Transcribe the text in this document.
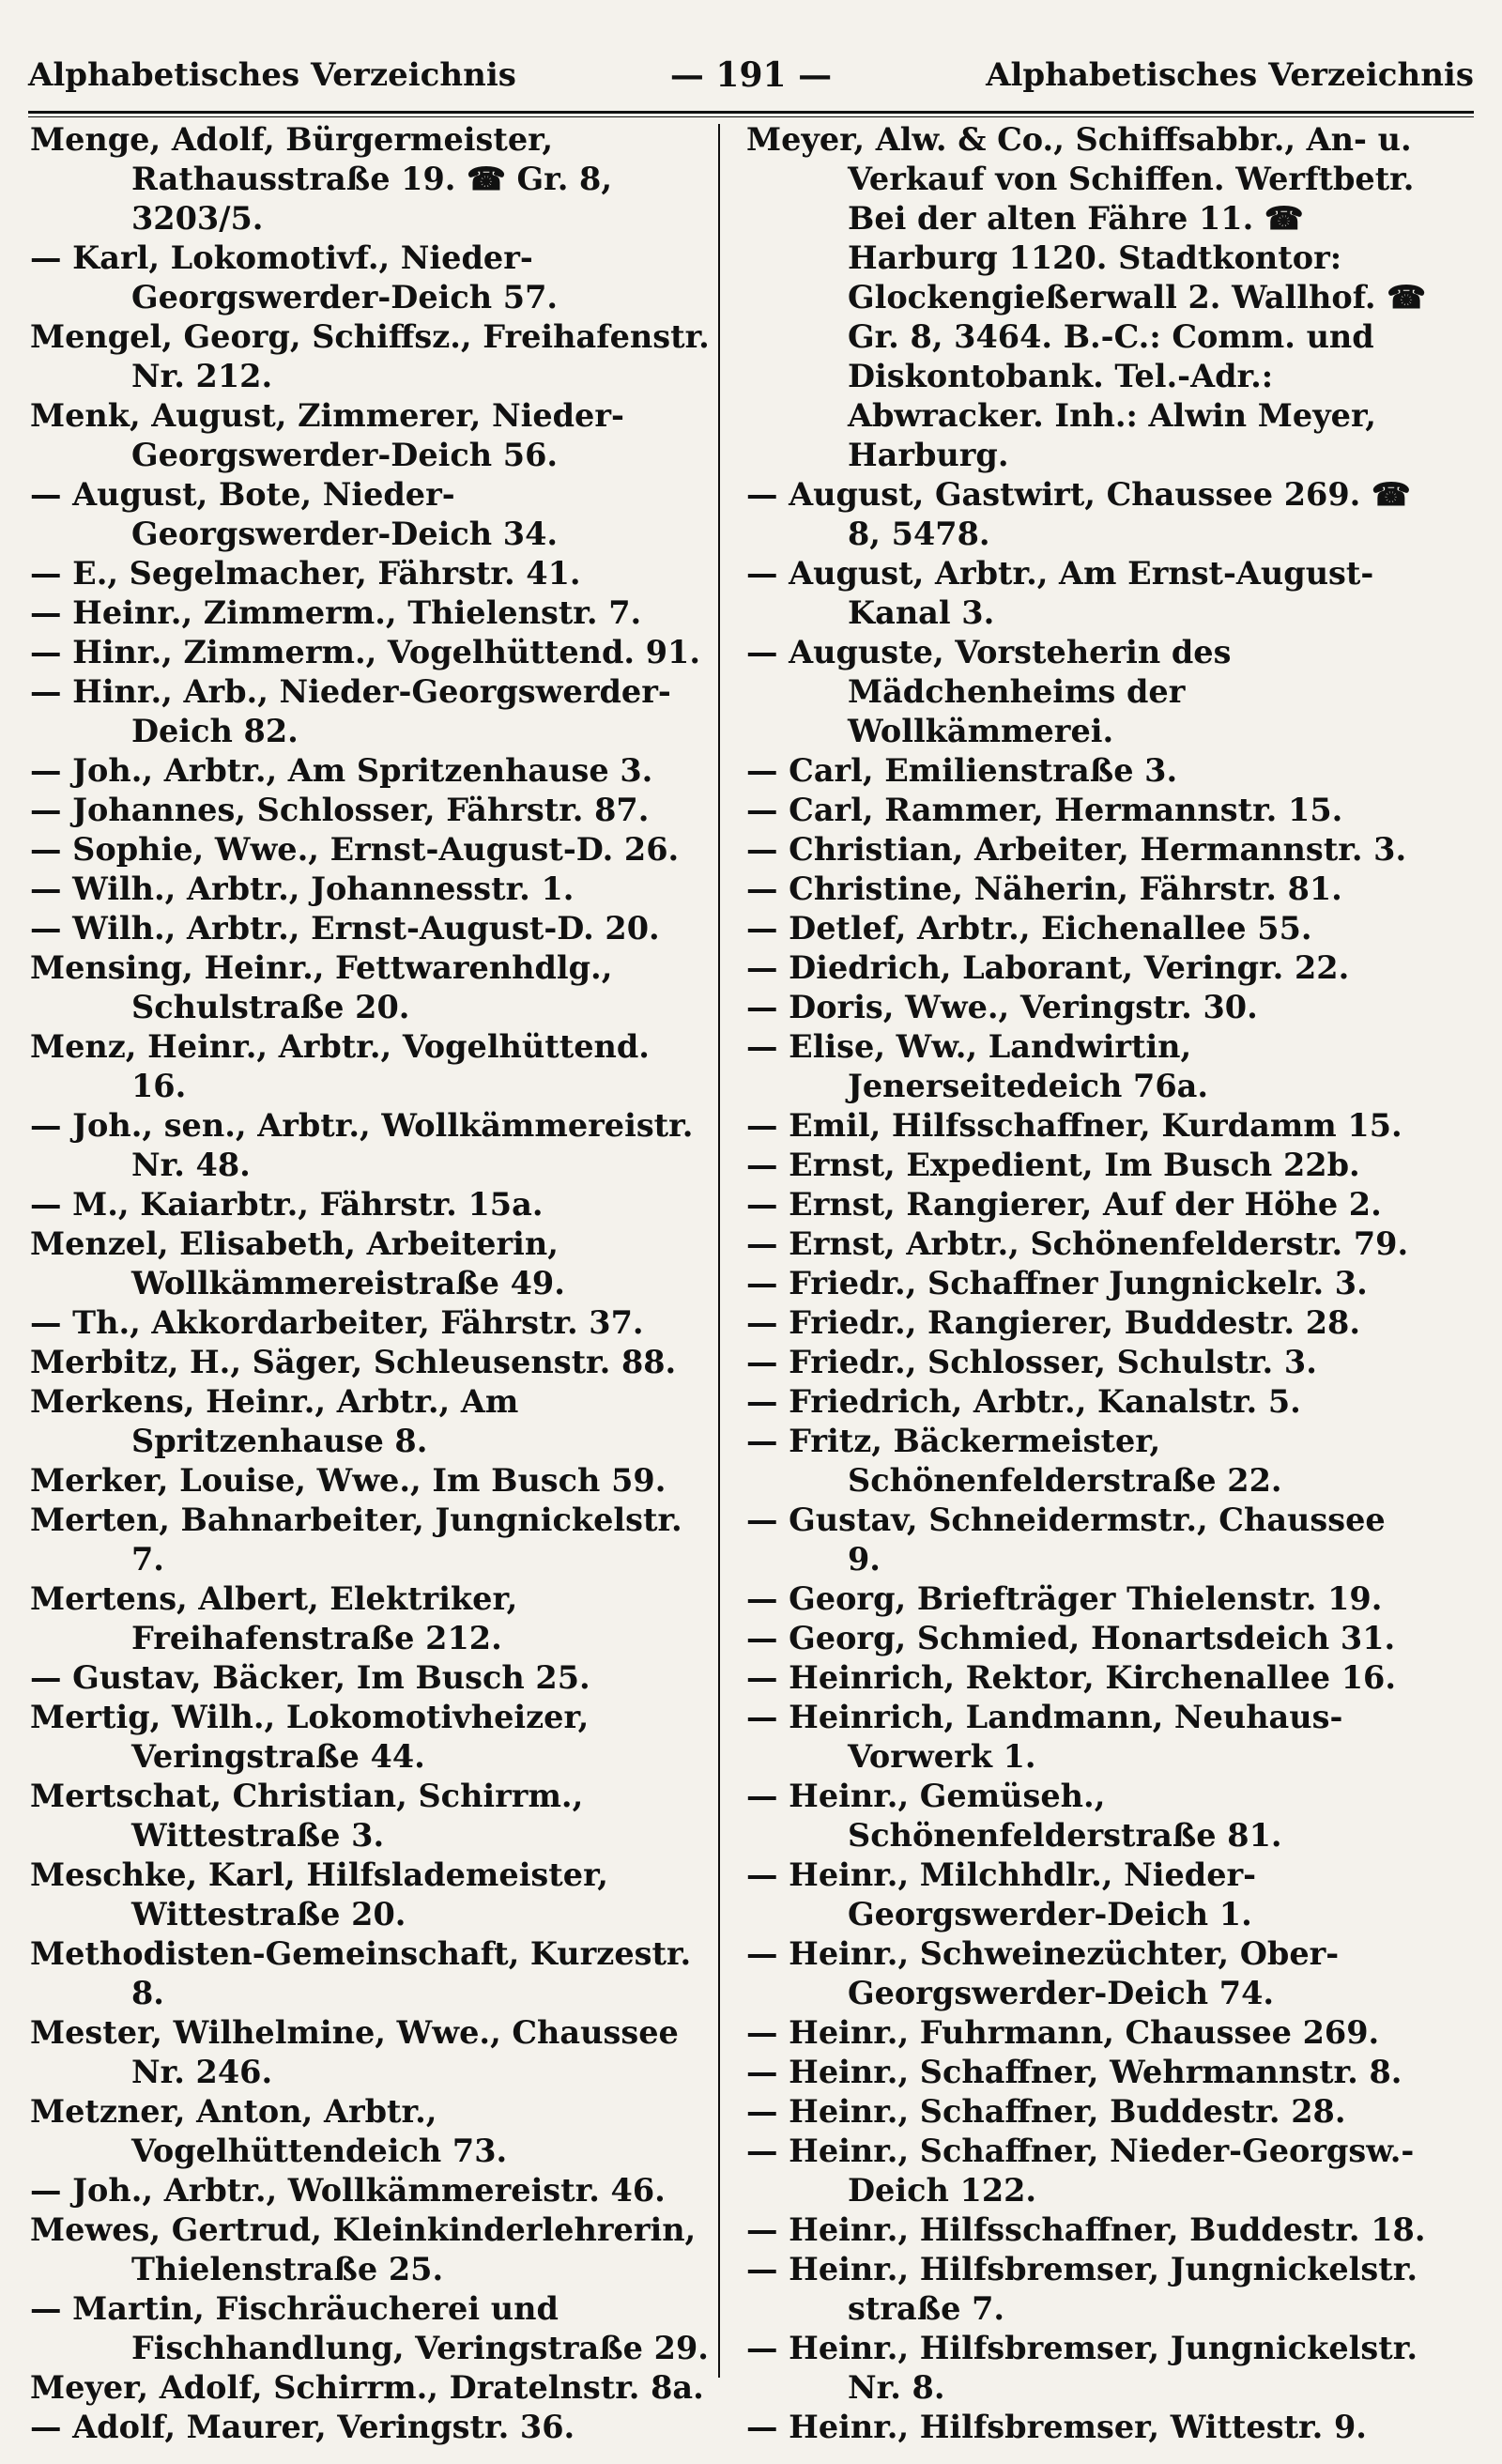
Alphabetisches Verzeichnis	— 191 —	Alphabetisches Verzeichnis

Menge, Adolf, Bürgermeister, Rathausstraße 19. ☎ Gr. 8, 3203/5.

— Karl, Lokomotivf., Nieder-Georgswerder-Deich 57.

Mengel, Georg, Schiffsz., Freihafenstr. Nr. 212.

Menk, August, Zimmerer, Nieder-Georgswerder-Deich 56.

— August, Bote, Nieder-Georgswerder-Deich 34.

— E., Segelmacher, Fährstr. 41.

— Heinr., Zimmerm., Thielenstr. 7.

— Hinr., Zimmerm., Vogelhüttend. 91.

— Hinr., Arb., Nieder-Georgswerder-Deich 82.

— Joh., Arbtr., Am Spritzenhause 3.

— Johannes, Schlosser, Fährstr. 87.

— Sophie, Wwe., Ernst-August-D. 26.

— Wilh., Arbtr., Johannesstr. 1.

— Wilh., Arbtr., Ernst-August-D. 20.

Mensing, Heinr., Fettwarenhdlg., Schulstraße 20.

Menz, Heinr., Arbtr., Vogelhüttend. 16.

— Joh., sen., Arbtr., Wollkämmereistr. Nr. 48.

— M., Kaiarbtr., Fährstr. 15a.

Menzel, Elisabeth, Arbeiterin, Wollkämmereistraße 49.

— Th., Akkordarbeiter, Fährstr. 37.

Merbitz, H., Säger, Schleusenstr. 88.

Merkens, Heinr., Arbtr., Am Spritzenhause 8.

Merker, Louise, Wwe., Im Busch 59.

Merten, Bahnarbeiter, Jungnickelstr. 7.

Mertens, Albert, Elektriker, Freihafenstraße 212.

— Gustav, Bäcker, Im Busch 25.

Mertig, Wilh., Lokomotivheizer, Veringstraße 44.

Mertschat, Christian, Schirrm., Wittestraße 3.

Meschke, Karl, Hilfslademeister, Wittestraße 20.

Methodisten-Gemeinschaft, Kurzestr. 8.

Mester, Wilhelmine, Wwe., Chaussee Nr. 246.

Metzner, Anton, Arbtr., Vogelhüttendeich 73.

— Joh., Arbtr., Wollkämmereistr. 46.

Mewes, Gertrud, Kleinkinderlehrerin, Thielenstraße 25.

— Martin, Fischräucherei und Fischhandlung, Veringstraße 29.

Meyer, Adolf, Schirrm., Dratelnstr. 8a.

— Adolf, Maurer, Veringstr. 36.

Meyer, Alw. & Co., Schiffsabbr., An- u. Verkauf von Schiffen. Werftbetr. Bei der alten Fähre 11. ☎ Harburg 1120. Stadtkontor: Glockengießerwall 2. Wallhof. ☎ Gr. 8, 3464. B.-C.: Comm. und Diskontobank. Tel.-Adr.: Abwracker. Inh.: Alwin Meyer, Harburg.

— August, Gastwirt, Chaussee 269. ☎ 8, 5478.

— August, Arbtr., Am Ernst-August-Kanal 3.

— Auguste, Vorsteherin des Mädchenheims der Wollkämmerei.

— Carl, Emilienstraße 3.

— Carl, Rammer, Hermannstr. 15.

— Christian, Arbeiter, Hermannstr. 3.

— Christine, Näherin, Fährstr. 81.

— Detlef, Arbtr., Eichenallee 55.

— Diedrich, Laborant, Veringr. 22.

— Doris, Wwe., Veringstr. 30.

— Elise, Ww., Landwirtin, Jenerseitedeich 76a.

— Emil, Hilfsschaffner, Kurdamm 15.

— Ernst, Expedient, Im Busch 22b.

— Ernst, Rangierer, Auf der Höhe 2.

— Ernst, Arbtr., Schönenfelderstr. 79.

— Friedr., Schaffner Jungnickelr. 3.

— Friedr., Rangierer, Buddestr. 28.

— Friedr., Schlosser, Schulstr. 3.

— Friedrich, Arbtr., Kanalstr. 5.

— Fritz, Bäckermeister, Schönenfelderstraße 22.

— Gustav, Schneidermstr., Chaussee 9.

— Georg, Briefträger Thielenstr. 19.

— Georg, Schmied, Honartsdeich 31.

— Heinrich, Rektor, Kirchenallee 16.

— Heinrich, Landmann, Neuhaus-Vorwerk 1.

— Heinr., Gemüseh., Schönenfelderstraße 81.

— Heinr., Milchhdlr., Nieder-Georgswerder-Deich 1.

— Heinr., Schweinezüchter, Ober-Georgswerder-Deich 74.

— Heinr., Fuhrmann, Chaussee 269.

— Heinr., Schaffner, Wehrmannstr. 8.

— Heinr., Schaffner, Buddestr. 28.

— Heinr., Schaffner, Nieder-Georgsw.-Deich 122.

— Heinr., Hilfsschaffner, Buddestr. 18.

— Heinr., Hilfsbremser, Jungnickelstr. straße 7.

— Heinr., Hilfsbremser, Jungnickelstr. Nr. 8.

— Heinr., Hilfsbremser, Wittestr. 9.
